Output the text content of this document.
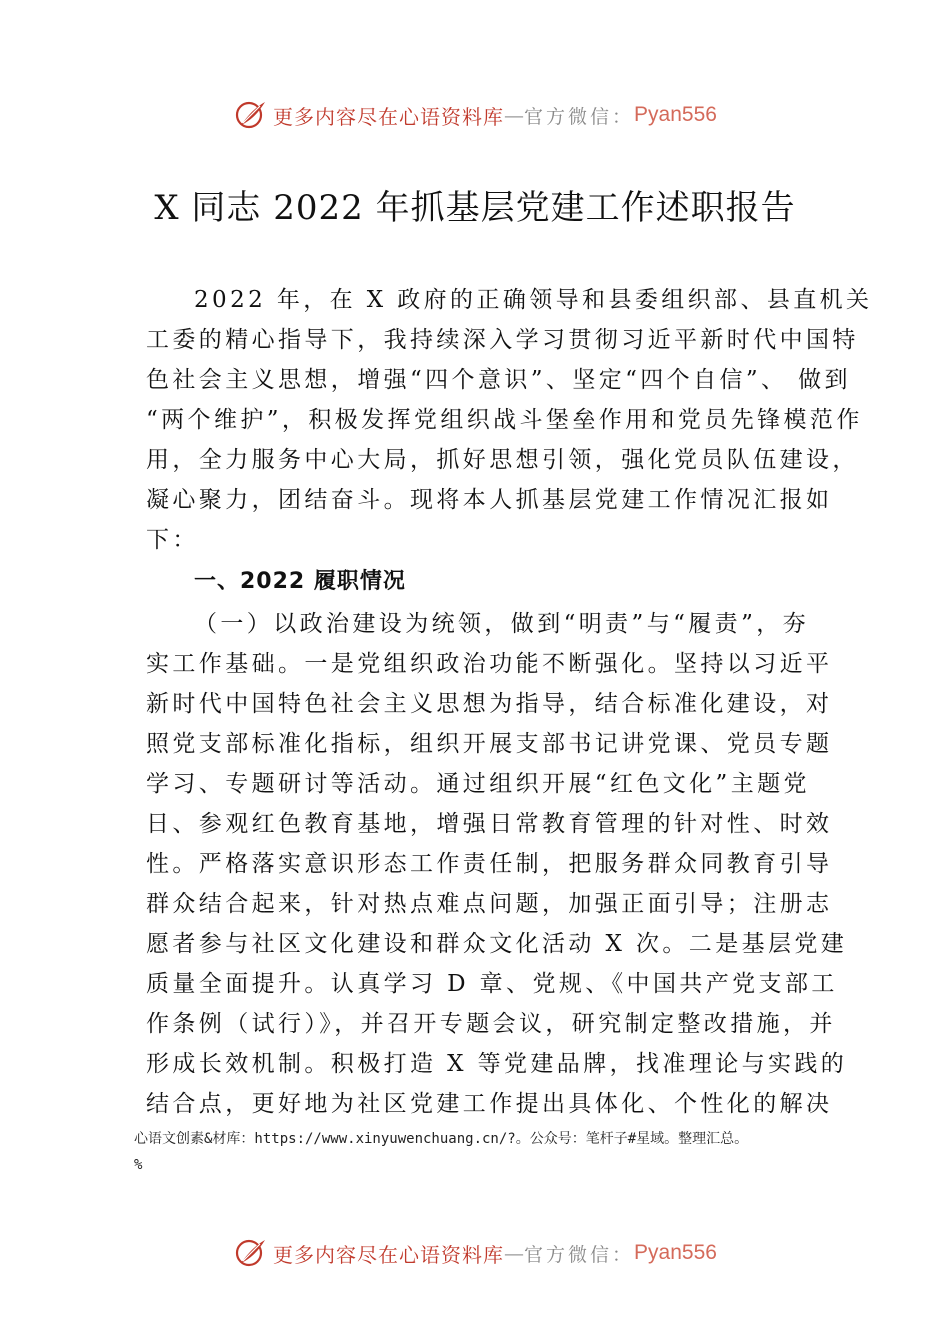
更多内容尽在心语资料库 — 官方微信： Pyan556
X 同志 2022 年抓基层党建工作述职报告
2022 年，在 X 政府的正确领导和县委组织部、县直机关
工委的精心指导下，我持续深入学习贯彻习近平新时代中国特
色社会主义思想，增强“四个意识”、坚定“四个自信”、 做到
“两个维护”，积极发挥党组织战斗堡垒作用和党员先锋模范作
用，全力服务中心大局，抓好思想引领，强化党员队伍建设，
凝心聚力，团结奋斗。现将本人抓基层党建工作情况汇报如
下：
一、2022 履职情况
（一）以政治建设为统领，做到“明责”与“履责”，夯
实工作基础。一是党组织政治功能不断强化。坚持以习近平
新时代中国特色社会主义思想为指导，结合标准化建设，对
照党支部标准化指标，组织开展支部书记讲党课、党员专题
学习、专题研讨等活动。通过组织开展“红色文化”主题党
日、参观红色教育基地，增强日常教育管理的针对性、时效
性。严格落实意识形态工作责任制，把服务群众同教育引导
群众结合起来，针对热点难点问题，加强正面引导；注册志
愿者参与社区文化建设和群众文化活动 X 次。二是基层党建
质量全面提升。认真学习 D 章、党规、《中国共产党支部工
作条例（试行）》，并召开专题会议，研究制定整改措施，并
形成长效机制。积极打造 X 等党建品牌，找准理论与实践的
结合点，更好地为社区党建工作提出具体化、个性化的解决
心语文创素&材库：https://www.xinyuwenchuang.cn/?。公众号：笔杆子#星域。整理汇总。
%
更多内容尽在心语资料库 — 官方微信： Pyan556
